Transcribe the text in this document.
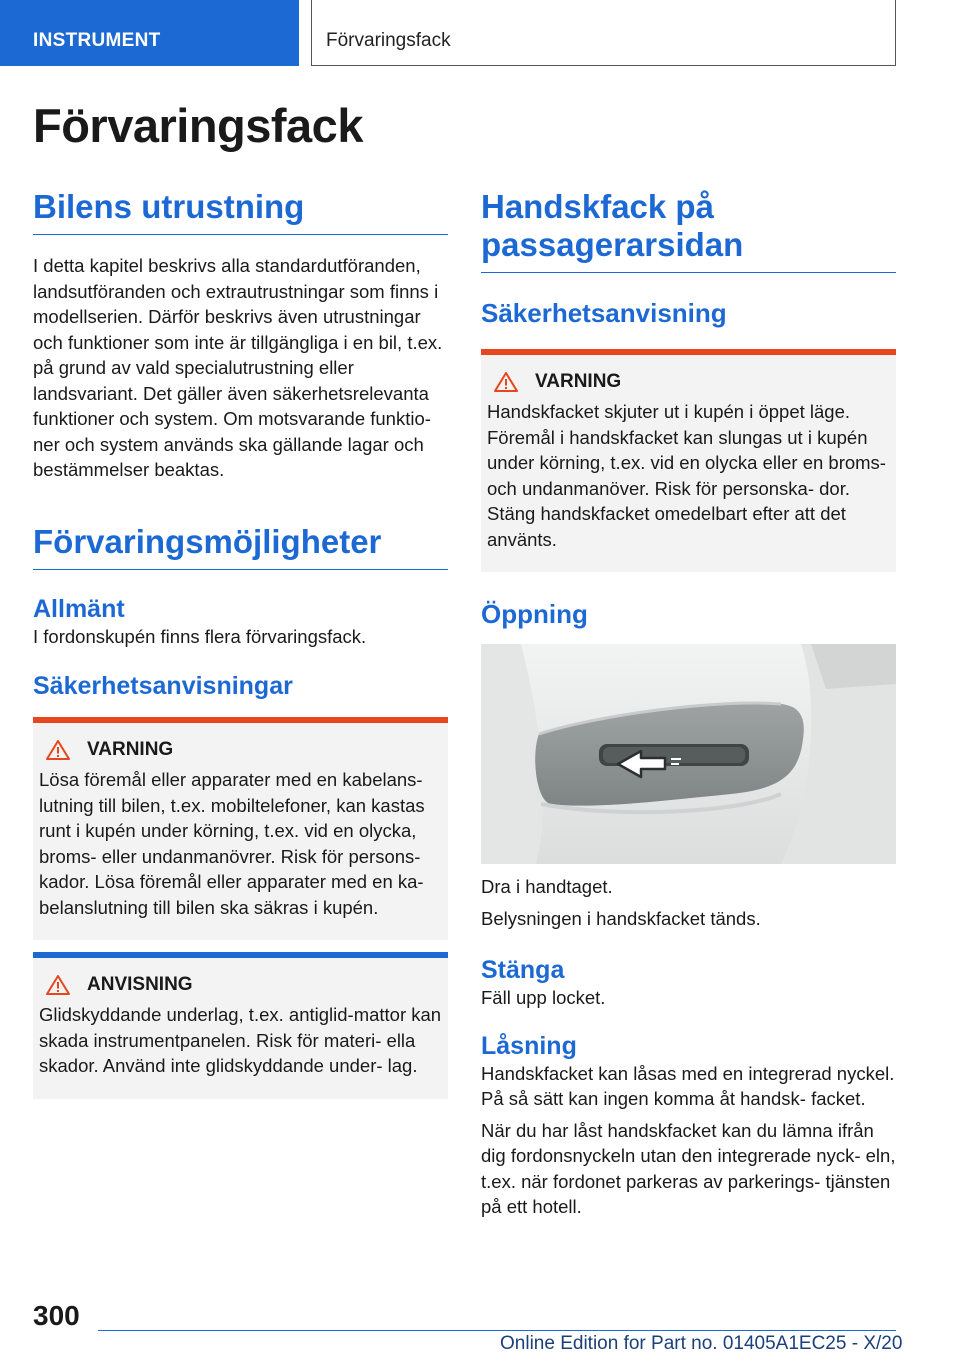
INSTRUMENT	Förvaringsfack
Förvaringsfack
Bilens utrustning
I detta kapitel beskrivs alla standardutföranden, landsutföranden och extrautrustningar som finns i modellserien. Därför beskrivs även utrustningar och funktioner som inte är tillgängliga i en bil, t.ex. på grund av vald specialutrustning eller landsvariant. Det gäller även säkerhetsrelevanta funktioner och system. Om motsvarande funktio- ner och system används ska gällande lagar och bestämmelser beaktas.
Förvaringsmöjligheter
Allmänt
I fordonskupén finns flera förvaringsfack.
Säkerhetsanvisningar
VARNING
Lösa föremål eller apparater med en kabelans- lutning till bilen, t.ex. mobiltelefoner, kan kastas runt i kupén under körning, t.ex. vid en olycka, broms- eller undanmanövrer. Risk för persons- kador. Lösa föremål eller apparater med en ka- belanslutning till bilen ska säkras i kupén.
ANVISNING
Glidskyddande underlag, t.ex. antiglid-mattor kan skada instrumentpanelen. Risk för materi- ella skador. Använd inte glidskyddande under- lag.
Handskfack på passagerarsidan
Säkerhetsanvisning
VARNING
Handskfacket skjuter ut i kupén i öppet läge. Föremål i handskfacket kan slungas ut i kupén under körning, t.ex. vid en olycka eller en broms- och undanmanöver. Risk för personska- dor. Stäng handskfacket omedelbart efter att det använts.
Öppning
Dra i handtaget.
Belysningen i handskfacket tänds.
Stänga
Fäll upp locket.
Låsning
Handskfacket kan låsas med en integrerad nyckel. På så sätt kan ingen komma åt handsk- facket.
När du har låst handskfacket kan du lämna ifrån dig fordonsnyckeln utan den integrerade nyck- eln, t.ex. när fordonet parkeras av parkerings- tjänsten på ett hotell.
300
Online Edition for Part no. 01405A1EC25 - X/20
